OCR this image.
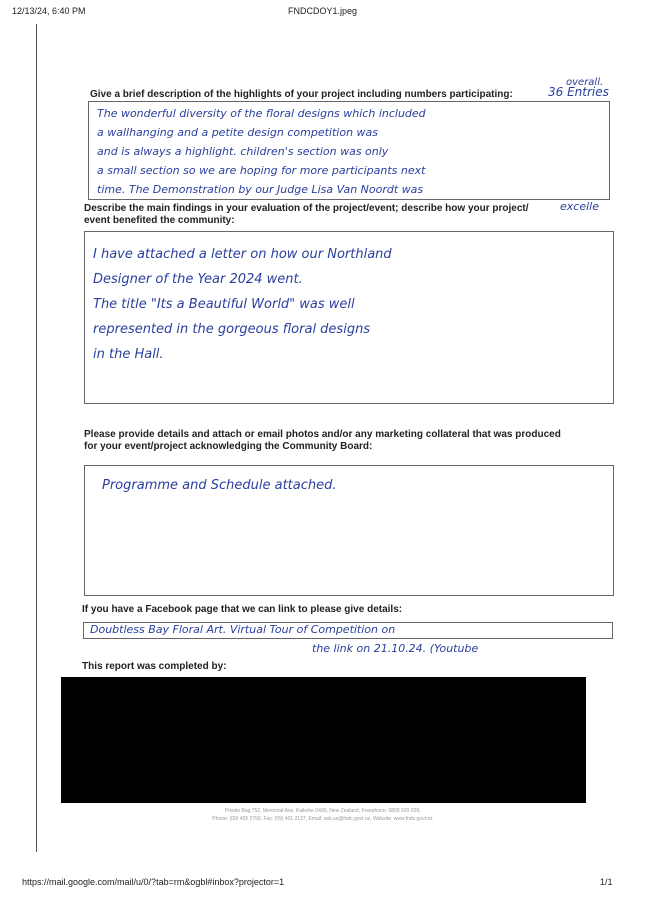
12/13/24, 6:40 PM	FNDCDOY1.jpeg
overall.
Give a brief description of the highlights of your project including numbers participating:	36 Entries
The wonderful diversity of the floral designs which included
a wallhanging and a petite design competition was
and is always a highlight. children's section was only
a small section so we are hoping for more participants next
time. The Demonstration by our Judge Lisa Van Noordt was
Describe the main findings in your evaluation of the project/event; describe how your project/
event benefited the community:
excelle
I have attached a letter on how our Northland
Designer of the Year 2024 went.
The title "Its a Beautiful World" was well
represented in the gorgeous floral designs
in the Hall.
Please provide details and attach or email photos and/or any marketing collateral that was produced
for your event/project acknowledging the Community Board:
Programme and Schedule attached.
If you have a Facebook page that we can link to please give details:
Doubtless Bay Floral Art. Virtual Tour of Competition on
the link on 21.10.24. (Youtube
This report was completed by:
Private Bag 752, Memorial Ave, Kaikohe 0400, New Zealand, Freephone: 0800 920 029,
Phone: (09) 405 2750, Fax: (09) 401 2137, Email: ask.us@fndc.govt.nz, Website: www.fndc.govt.nz
https://mail.google.com/mail/u/0/?tab=rm&ogbl#inbox?projector=1	1/1
